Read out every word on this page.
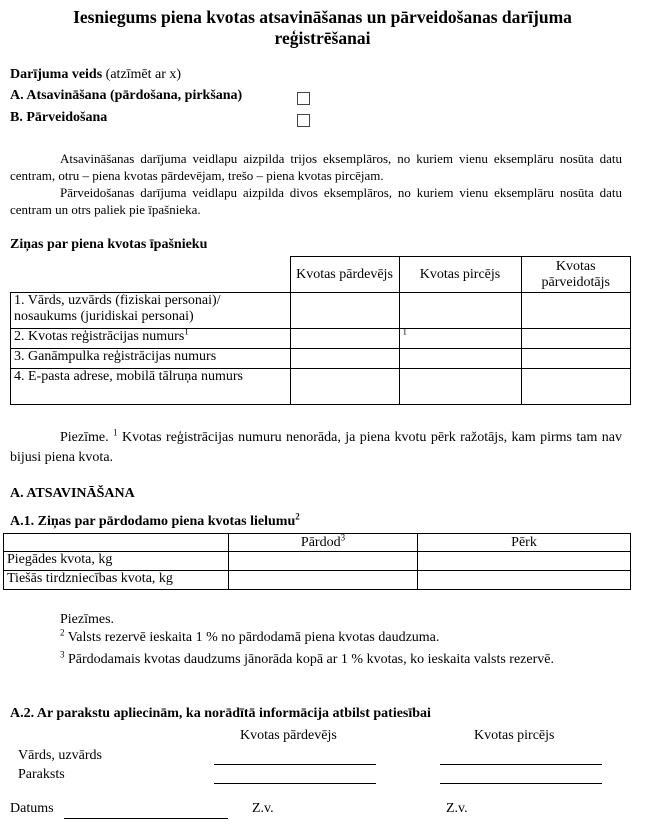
Iesniegums piena kvotas atsavināšanas un pārveidošanas darījuma
reģistrēšanai
Darījuma veids (atzīmēt ar x)
A. Atsavināšana (pārdošana, pirkšana)
B. Pārveidošana
Atsavināšanas darījuma veidlapu aizpilda trijos eksemplāros, no kuriem vienu eksemplāru nosūta datu centram, otru – piena kvotas pārdevējam, trešo – piena kvotas pircējam.
Pārveidošanas darījuma veidlapu aizpilda divos eksemplāros, no kuriem vienu eksemplāru nosūta datu centram un otrs paliek pie īpašnieka.
Ziņas par piena kvotas īpašnieku
	Kvotas pārdevējs	Kvotas pircējs	Kvotas pārveidotājs
1. Vārds, uzvārds (fiziskai personai)/ nosaukums (juridiskai personai)			
2. Kvotas reģistrācijas numurs$^1$		$^1$	
3. Ganāmpulka reģistrācijas numurs			
4. E-pasta adrese, mobilā tālruņa numurs			
Piezīme. $^1$ Kvotas reģistrācijas numuru nenorāda, ja piena kvotu pērk ražotājs, kam pirms tam nav bijusi piena kvota.
A. ATSAVINĀŠANA
A.1. Ziņas par pārdodamo piena kvotas lielumu$^2$
	Pārdod$^3$	Pērk
Piegādes kvota, kg		
Tiešās tirdzniecības kvota, kg		
Piezīmes.
$^2$ Valsts rezervē ieskaita 1 % no pārdodamā piena kvotas daudzuma.
$^3$ Pārdodamais kvotas daudzums jānorāda kopā ar 1 % kvotas, ko ieskaita valsts rezervē.
A.2. Ar parakstu apliecinām, ka norādītā informācija atbilst patiesībai
Kvotas pārdevējs	Kvotas pircējs
Vārds, uzvārds
Paraksts
Datums	Z.v.	Z.v.
